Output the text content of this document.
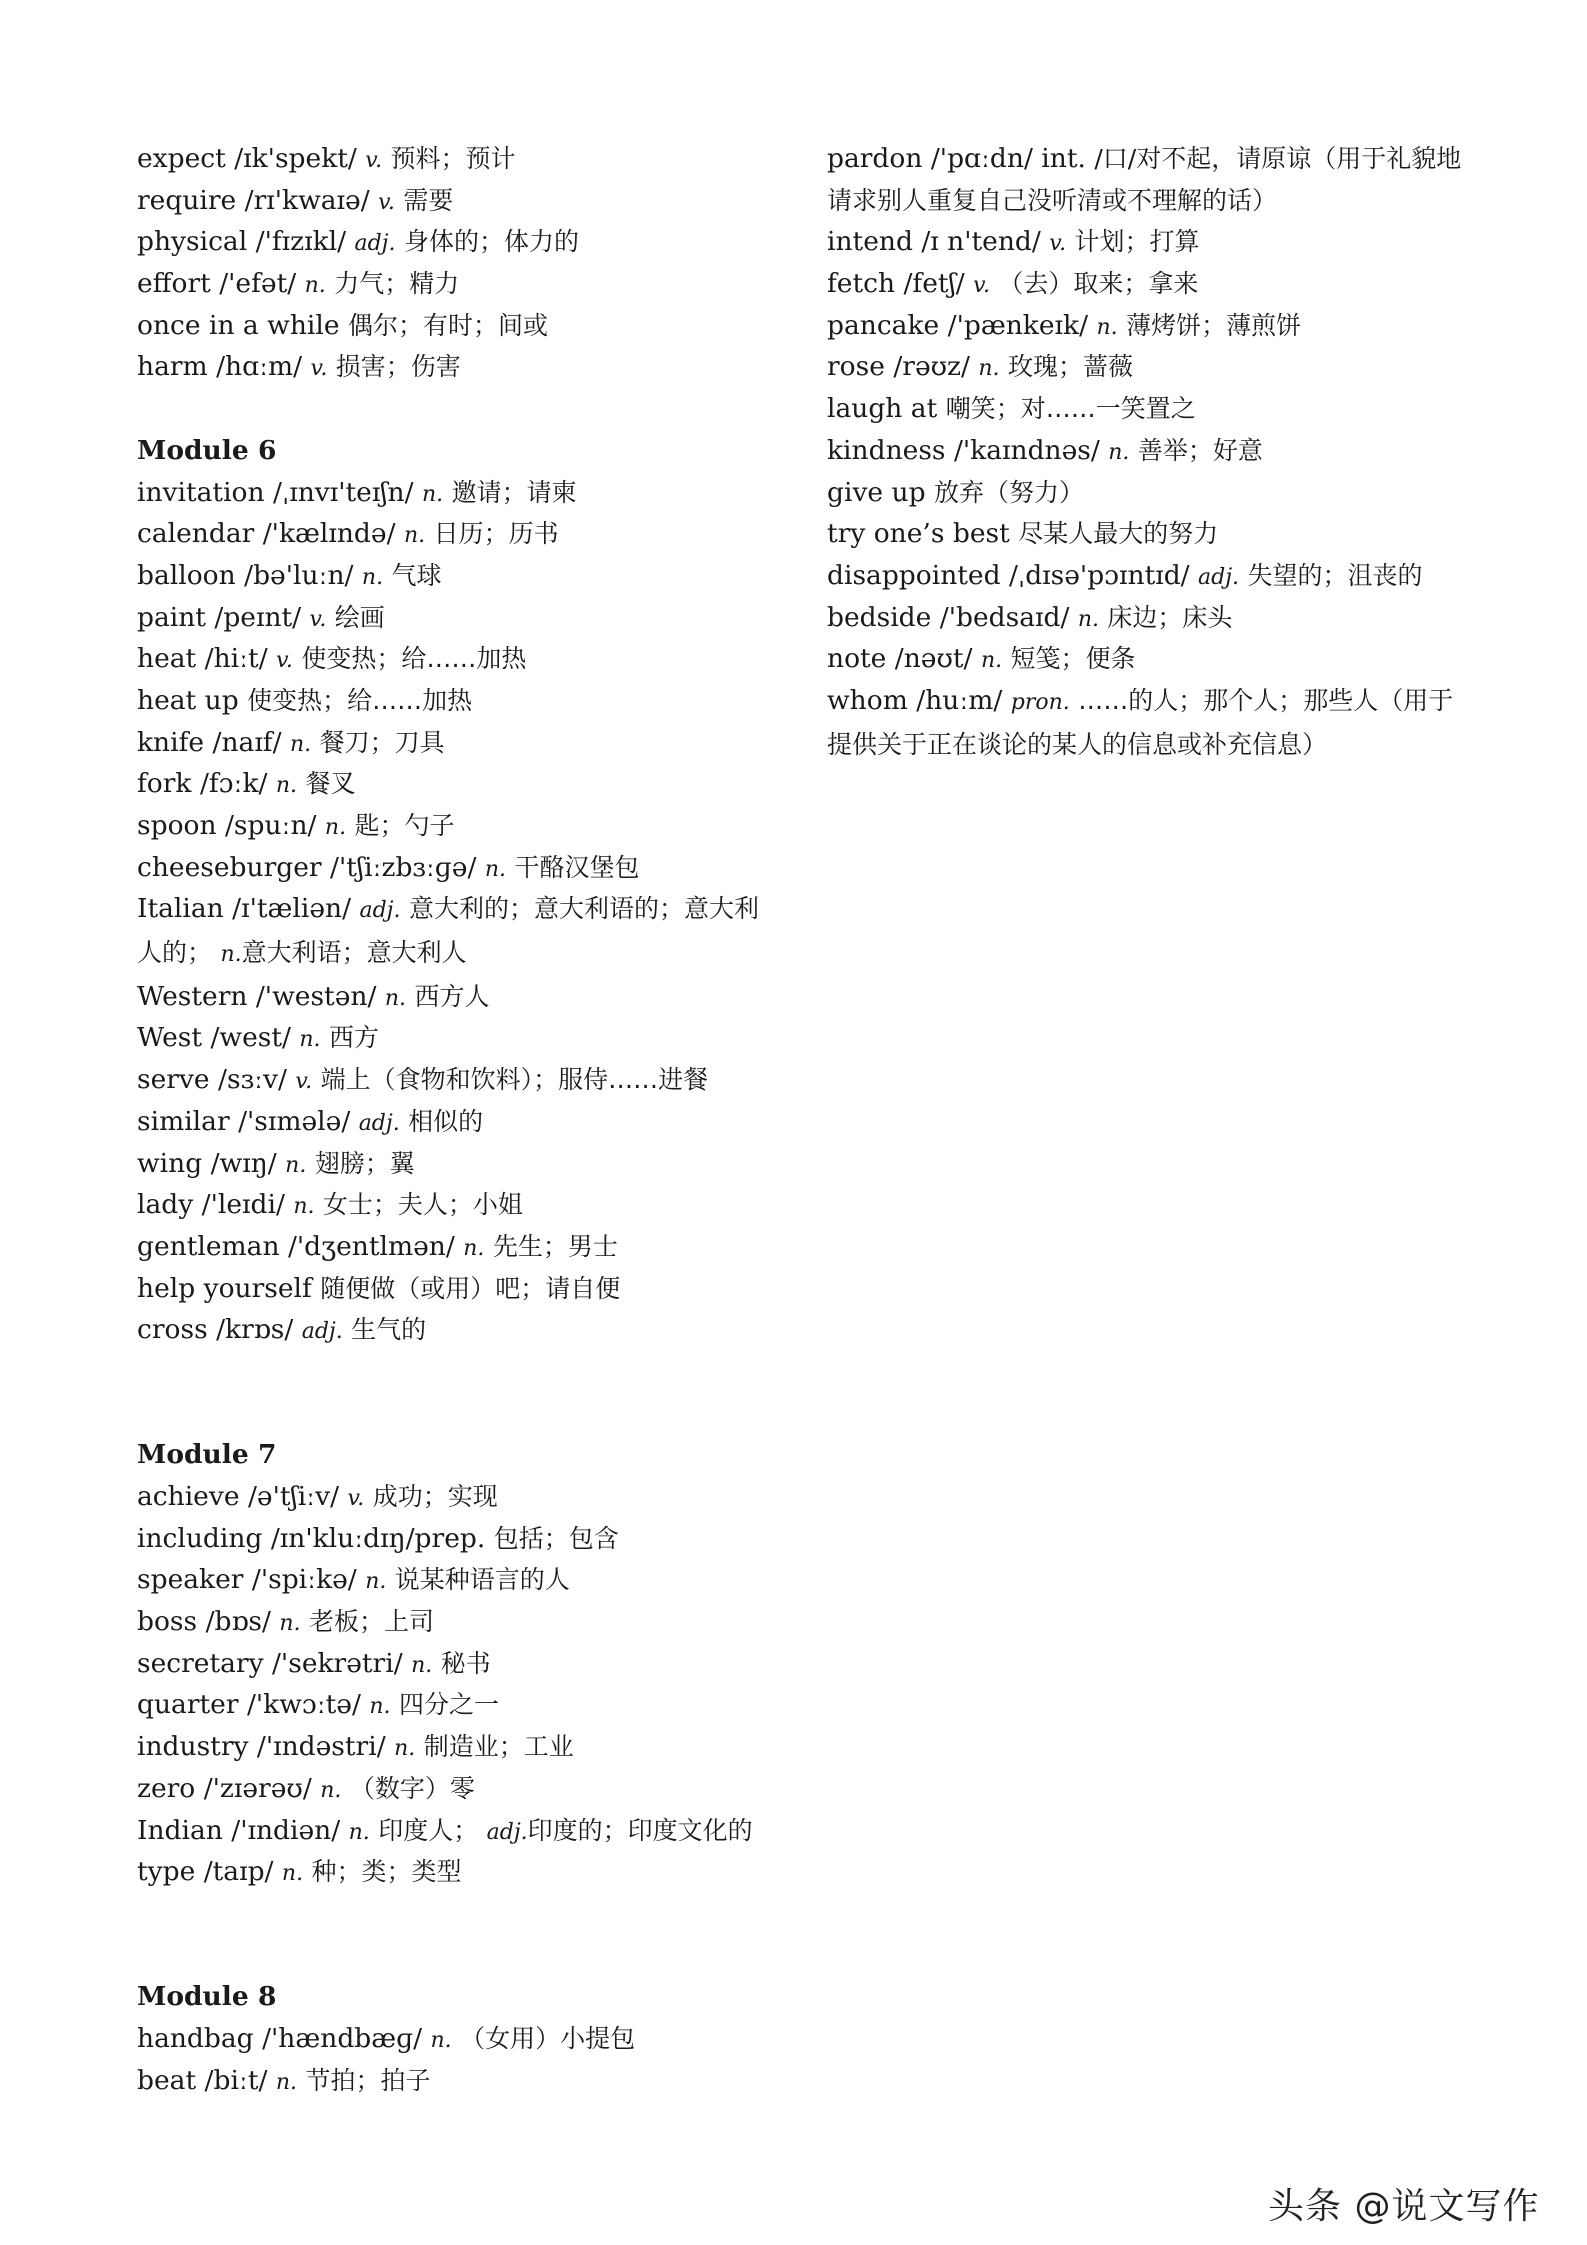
expect /ɪk'spekt/ v. 预料；预计
require /rɪ'kwaɪə/ v. 需要
physical /'fɪzɪkl/ adj. 身体的；体力的
effort /'efət/ n. 力气；精力
once in a while 偶尔；有时；间或
harm /hɑːm/ v. 损害；伤害
Module 6
invitation /ˌɪnvɪ'teɪʃn/ n. 邀请；请柬
calendar /'kælɪndə/ n. 日历；历书
balloon /bə'luːn/ n. 气球
paint /peɪnt/ v. 绘画
heat /hiːt/ v. 使变热；给……加热
heat up 使变热；给……加热
knife /naɪf/ n. 餐刀；刀具
fork /fɔːk/ n. 餐叉
spoon /spuːn/ n. 匙；勺子
cheeseburger /'tʃiːzbɜːɡə/ n. 干酪汉堡包
Italian /ɪ'tæliən/ adj. 意大利的；意大利语的；意大利人的； n.意大利语；意大利人
Western /'westən/ n. 西方人
West /west/ n. 西方
serve /sɜːv/ v. 端上（食物和饮料）；服侍……进餐
similar /'sɪmələ/ adj. 相似的
wing /wɪŋ/ n. 翅膀；翼
lady /'leɪdi/ n. 女士；夫人；小姐
gentleman /'dʒentlmən/ n. 先生；男士
help yourself 随便做（或用）吧；请自便
cross /krɒs/ adj. 生气的
Module 7
achieve /ə'tʃiːv/ v. 成功；实现
including /ɪn'kluːdɪŋ/prep. 包括；包含
speaker /'spiːkə/ n. 说某种语言的人
boss /bɒs/ n. 老板；上司
secretary /'sekrətri/ n. 秘书
quarter /'kwɔːtə/ n. 四分之一
industry /'ɪndəstri/ n. 制造业；工业
zero /'zɪərəʊ/ n. （数字）零
Indian /'ɪndiən/ n. 印度人； adj.印度的；印度文化的
type /taɪp/ n. 种；类；类型
Module 8
handbag /'hændbæɡ/ n. （女用）小提包
beat /biːt/ n. 节拍；拍子
pardon /'pɑːdn/ int. /口/对不起，请原谅（用于礼貌地请求别人重复自己没听清或不理解的话）
intend /ɪ n'tend/ v. 计划；打算
fetch /fetʃ/ v. （去）取来；拿来
pancake /'pænkeɪk/ n. 薄烤饼；薄煎饼
rose /rəʊz/ n. 玫瑰；蔷薇
laugh at 嘲笑；对……一笑置之
kindness /'kaɪndnəs/ n. 善举；好意
give up 放弃（努力）
try one’s best 尽某人最大的努力
disappointed /ˌdɪsə'pɔɪntɪd/ adj. 失望的；沮丧的
bedside /'bedsaɪd/ n. 床边；床头
note /nəʊt/ n. 短笺；便条
whom /huːm/ pron. ……的人；那个人；那些人（用于提供关于正在谈论的某人的信息或补充信息）
头条 @说文写作
